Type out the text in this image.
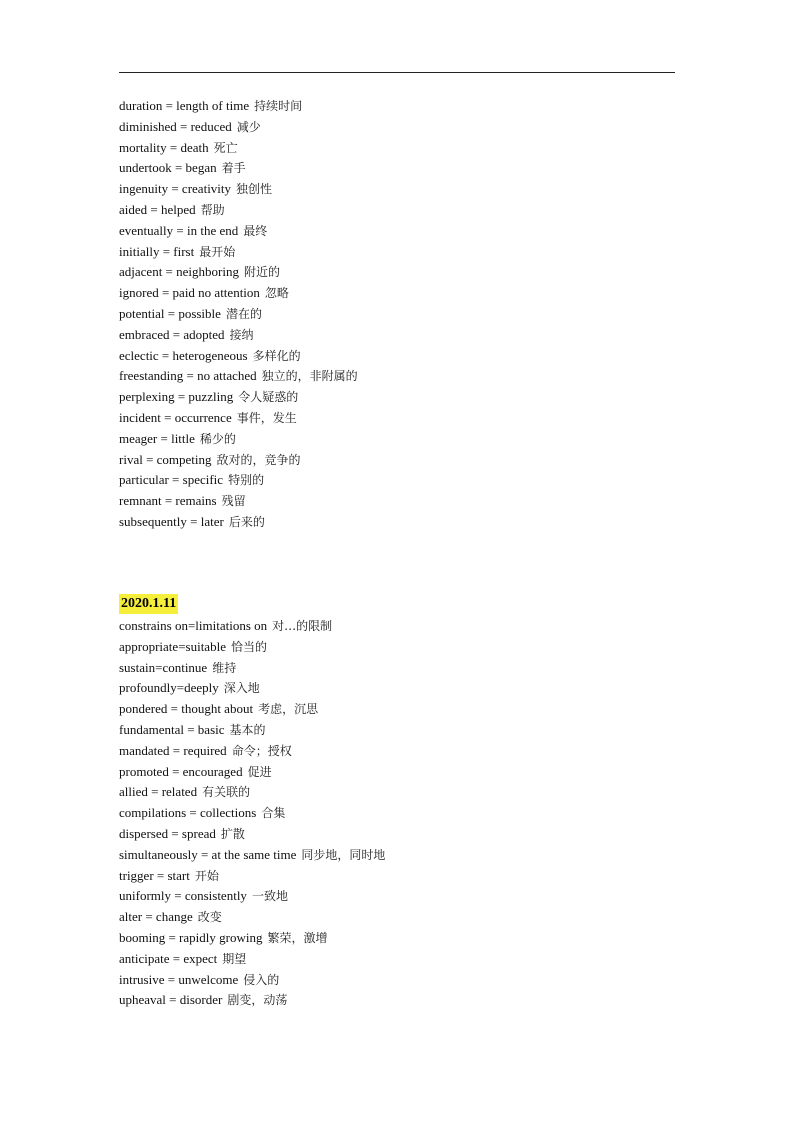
duration = length of time 持续时间
diminished = reduced 减少
mortality = death 死亡
undertook = began 着手
ingenuity = creativity 独创性
aided = helped 帮助
eventually = in the end 最终
initially = first 最开始
adjacent = neighboring 附近的
ignored = paid no attention 忽略
potential = possible 潜在的
embraced = adopted 接纳
eclectic = heterogeneous 多样化的
freestanding = no attached 独立的，非附属的
perplexing = puzzling 令人疑惑的
incident = occurrence 事件，发生
meager = little 稀少的
rival = competing 敌对的，竞争的
particular = specific 特别的
remnant = remains 残留
subsequently = later 后来的
2020.1.11
constrains on=limitations on 对…的限制
appropriate=suitable 恰当的
sustain=continue 维持
profoundly=deeply 深入地
pondered = thought about 考虑，沉思
fundamental = basic 基本的
mandated = required 命令；授权
promoted = encouraged 促进
allied = related 有关联的
compilations = collections 合集
dispersed = spread 扩散
simultaneously = at the same time 同步地，同时地
trigger = start 开始
uniformly = consistently 一致地
alter = change 改变
booming = rapidly growing 繁荣，激增
anticipate = expect 期望
intrusive = unwelcome 侵入的
upheaval = disorder 剧变，动荡
